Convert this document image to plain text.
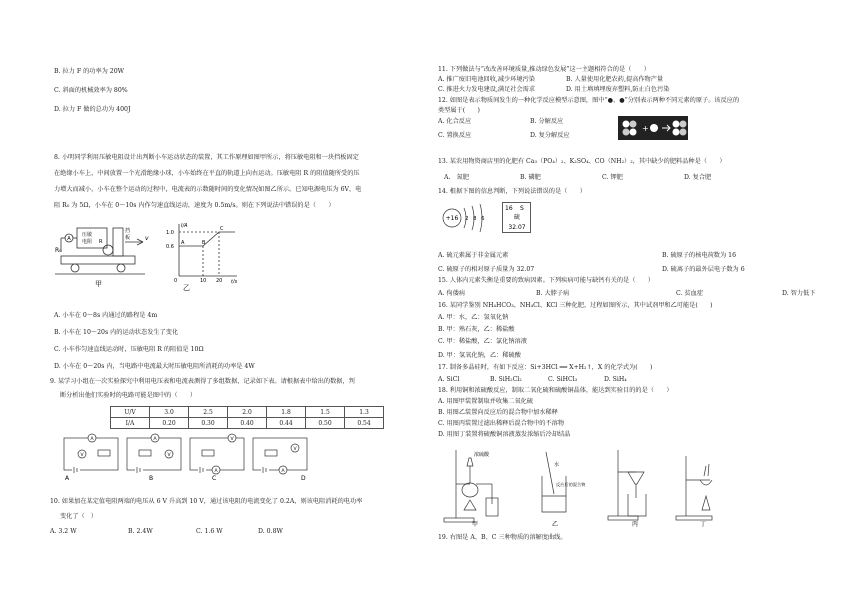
B. 拉力 F 的功率为 20W
C. 斜面的机械效率为 80%
D. 拉力 F 做的总功为 400J
8. 小明同学利用压敏电阻设计出判断小车运动状态的装置，其工作原理如图甲所示，将压敏电阻和一块挡板固定
在绝缘小车上，中间放置一个光滑绝缘小球，小车始终在平直的轨道上向右运动。压敏电阻 R 的阻值随所受的压
力增大而减小，小车在整个运动的过程中，电流表的示数随时间的变化情况如图乙所示。已知电源电压为 6V，电
阻 R₀ 为 5Ω，小车在 0～10s 内作匀速直线运动，速度为 0.5m/s。则在下列说法中错误的是（　　）
R₀
A
压敏
电阻 R
挡
板 v
甲
I/A
t/s
1.0
0.6
0	10 20
A	B
C
乙
A. 小车在 0～8s 内通过的路程是 4m
B. 小车在 10～20s 内的运动状态发生了变化
C. 小车作匀速直线运动时，压敏电阻 R 的阻值是 10Ω
D. 小车在 0～20s 内，当电路中电流最大时压敏电阻所消耗的功率是 4W
9. 某学习小组在一次实验探究中利用电压表和电流表测得了多组数据，记录如下表。请根据表中给出的数据，判
断分析出他们实验时的电路可能是图中的（　　）
U/V	3.0	2.5	2.0	1.8	1.5	1.3
I/A	0.20	0.30	0.40	0.44	0.50	0.54
A
V
A
A
V
B
V
A
C
V
A
D
10. 如果加在某定值电阻两端的电压从 6 V 升高到 10 V，通过该电阻的电流变化了 0.2A，则该电阻消耗的电功率
变化了（　）
A. 3.2 W	B. 2.4W	C. 1.6 W	D. 0.8W
11. 下列做法与“改改善环境质量,推动绿色发展”这一主题相符合的是（　　）
A. 推广废旧电池回收,减少环境污染	B. 人量使用化肥农药,提高作物产量
C. 推进火力发电建设,满足社会需求	D. 用土填填埋废弃塑料,防止白色污染
12. 如图是表示物质间发生的一种化学反应模型示意图，图中“●、●”分别表示两种不同元素的原子。该反应的
类型属于(　　)
A. 化合反应	B. 分解反应
C. 置换反应	D. 复分解反应
+
13. 某农用物资商店里的化肥有 Ca₃（PO₄）₂、K₂SO₄、CO（NH₂）₂，其中缺少的肥料品种是（　　）
A.　氮肥	B. 磷肥	C. 钾肥	D. 复合肥
14. 根据下图的信息判断，下列说法错误的是（　　）
+16 2 8 6
16 S
硫
32.07
A. 硫元素属于非金属元素	B. 硫原子的核电荷数为 16
C. 硫原子的相对原子质量为 32.07	D. 硫离子的最外层电子数为 6
15. 人体内元素失衡是重要的致病因素。下列疾病可能与缺钙有关的是（　　）
A. 佝偻病	B. 大脖子病	C. 贫血症	D. 智力低下
16. 某同学鉴别 NH₄HCO₃、NH₄Cl、KCl 三种化肥，过程如图所示，其中试剂甲和乙可能是(　　)
A. 甲：水，乙：氢氧化钠
B. 甲：熟石灰，乙：稀盐酸
C. 甲：稀盐酸，乙：氯化钠溶液
D. 甲：氢氧化钠，乙：稀硫酸
17. 制备多晶硅时，有如下反应：Si+3HCl ══ X+H₂↑，X 的化学式为(　　)
A. SiCl	B. SiH₂Cl₂	C. SiHCl₃	D. SiH₄
18. 利用铜和浓硫酸反应，制取二氧化硫和硫酸铜晶体，能达到实验目的的是（　　）
A. 用图甲装置制取并收集二氧化硫
B. 用图乙装置向反应后的混合物中加水稀释
C. 用图丙装置过滤出稀释后混合物中的不溶物
D. 用图丁装置将硫酸铜溶液蒸发浓缩后冷却结晶
浓硫酸
甲
水
反应后的混合物
乙	丙	丁
19. 右图是 A、B、C 三种物质的溶解度曲线。
